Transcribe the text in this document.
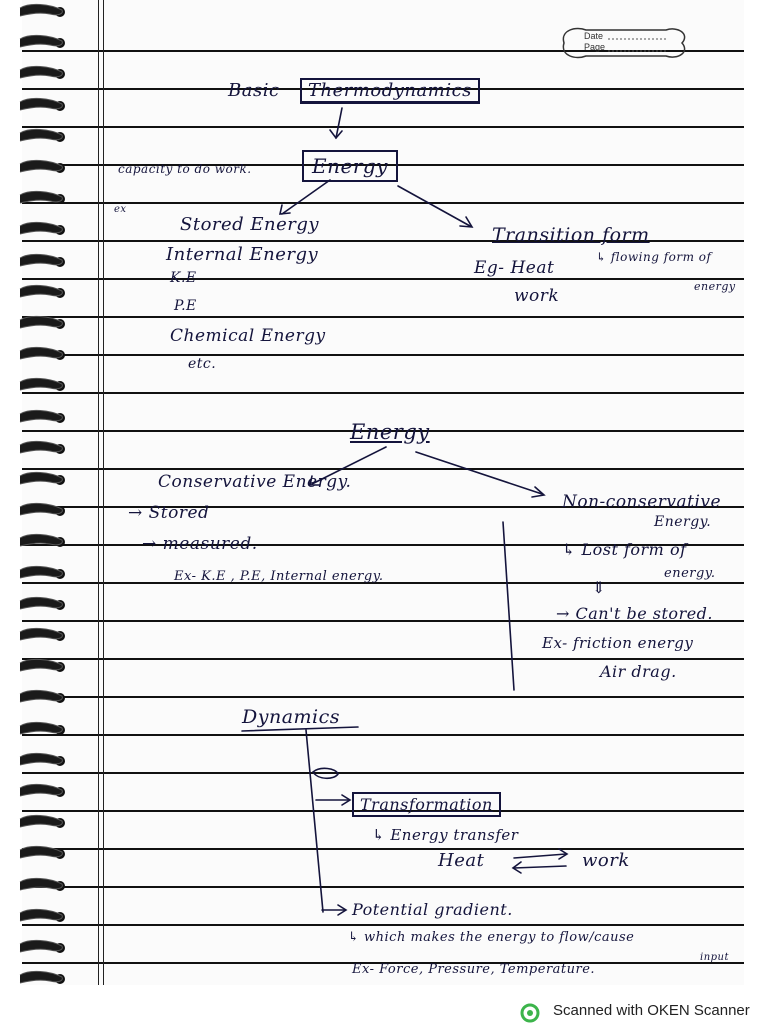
Date
Page
Basic	Thermodynamics
Energy
capacity to do work.
ex
Stored Energy
Internal Energy
K.E
P.E
Chemical Energy
etc.
Transition form
↳ flowing form of
energy
Eg- Heat
work
Energy
Conservative Energy.
→ Stored
→ measured.
Ex- K.E , P.E, Internal energy.
Non-conservative
Energy.
↳ Lost form of
energy.
⇓
→ Can't be stored.
Ex- friction energy
Air drag.
Dynamics
Transformation
↳ Energy transfer
Heat	work
Potential gradient.
↳ which makes the energy to flow/cause
input
Ex- Force, Pressure, Temperature.
Scanned with OKEN Scanner
